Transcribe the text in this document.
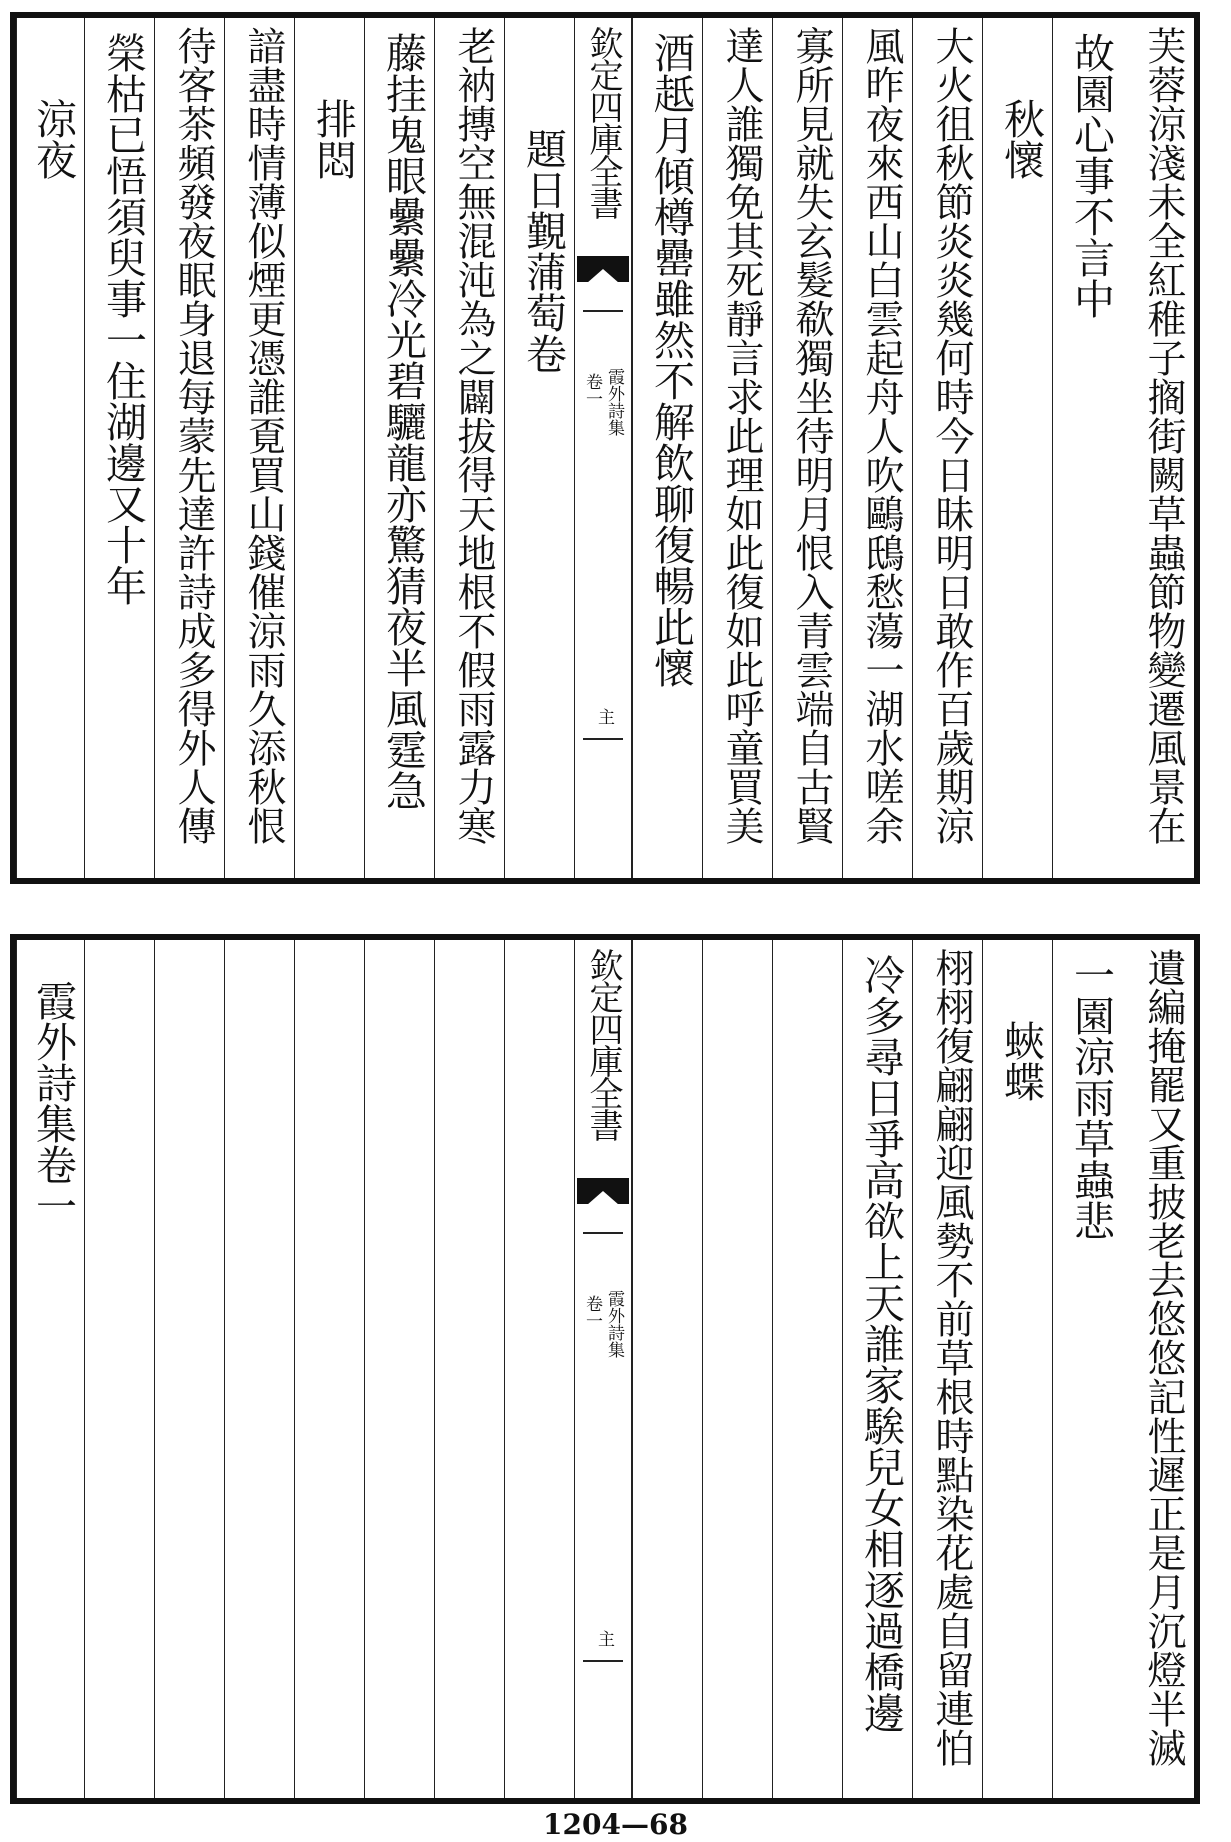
芙蓉涼淺未全紅稚子搁街闕草蟲節物變遷風景在
故園心事不言中
秋懷
大火徂秋節炎炎幾何時今日昧明日敢作百歲期涼
風昨夜來西山白雲起舟人吹鷗䲭愁蕩一湖水嗟余
寡所見就失玄髮欷獨坐待明月恨入青雲端自古賢
達人誰獨免其死靜言求此理如此復如此呼童買美
酒赿月傾樽罍雖然不解飲聊復暢此懷
欽定四庫全書
霞外詩集
卷一
主
題日覲蒲萄卷
老衲摶空無混沌為之闢拔得天地根不假雨露力寒
藤挂鬼眼纍纍冷光碧驪龍亦驚猜夜半風霆急
排悶
諳盡時情薄似煙更憑誰覔買山錢催涼雨久添秋恨
待客茶頻發夜眠身退每蒙先達許詩成多得外人傳
榮枯已悟須臾事一住湖邊又十年
涼夜
遺編掩罷又重披老去悠悠記性遲正是月沉燈半滅
一園涼雨草蟲悲
蛺蝶
栩栩復翩翩迎風勢不前草根時點染花處自留連怕
冷多尋日爭高欲上天誰家騃兒女相逐過橋邊
欽定四庫全書
霞外詩集
卷一
主
霞外詩集卷一
1204—68
